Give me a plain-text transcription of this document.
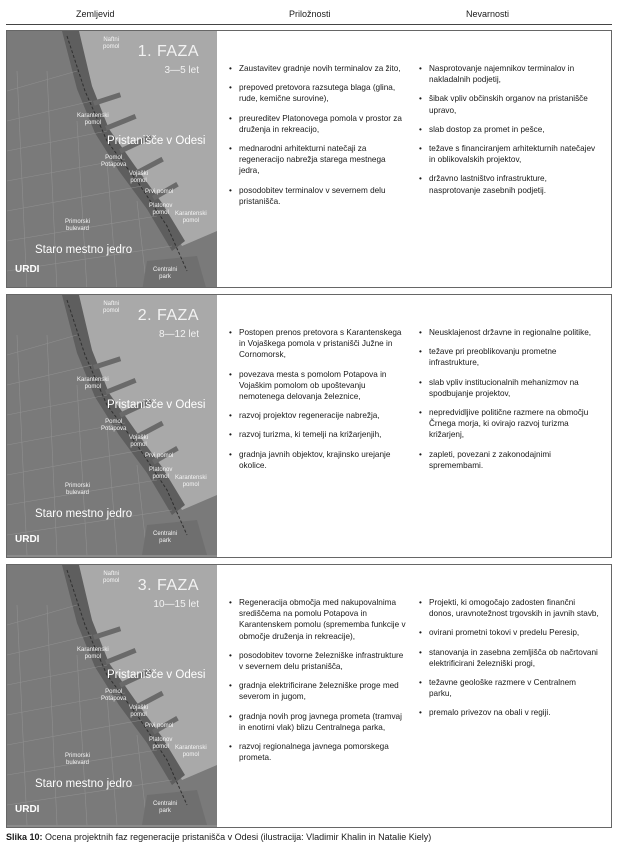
Zemljevid	Priložnosti	Nevarnosti
1. FAZA
3—5 let
Naftni
pomol
Karantenski
pomol
Pristanišče v Odesi
Pomol
Potapova
Vojaški
pomol
Prvi pomol
Platonov
pomol
Primorski
bulevard
Karantenski
pomol
Staro mestno jedro
Centralni
park
URDI
• Zaustavitev gradnje novih terminalov za žito,
• prepoved pretovora razsutega blaga (glina, rude, kemične surovine),
• preureditev Platonovega pomola v prostor za druženja in rekreacijo,
• mednarodni arhitekturni natečaji za regeneracijo nabrežja starega mestnega jedra,
• posodobitev terminalov v severnem delu pristanišča.
• Nasprotovanje najemnikov terminalov in nakladalnih podjetij,
• šibak vpliv občinskih organov na pristanišče upravo,
• slab dostop za promet in pešce,
• težave s financiranjem arhitekturnih natečajev in oblikovalskih projektov,
• državno lastništvo infrastrukture, nasprotovanje zasebnih podjetij.
2. FAZA
8—12 let
Naftni
pomol
Karantenski
pomol
Pristanišče v Odesi
Pomol
Potapova
Vojaški
pomol
Prvi pomol
Platonov
pomol
Primorski
bulevard
Karantenski
pomol
Staro mestno jedro
Centralni
park
URDI
• Postopen prenos pretovora s Karantenskega in Vojaškega pomola v pristanišči Južne in Cornomorsk,
• povezava mesta s pomolom Potapova in Vojaškim pomolom ob upoštevanju nemotenega delovanja železnice,
• razvoj projektov regeneracije nabrežja,
• razvoj turizma, ki temelji na križarjenjih,
• gradnja javnih objektov, krajinsko urejanje okolice.
• Neusklajenost državne in regionalne politike,
• težave pri preoblikovanju prometne infrastrukture,
• slab vpliv institucionalnih mehanizmov na spodbujanje projektov,
• nepredvidljive politične razmere na območju Črnega morja, ki ovirajo razvoj turizma križarjenj,
• zapleti, povezani z zakonodajnimi spremembami.
3. FAZA
10—15 let
Naftni
pomol
Karantenski
pomol
Pristanišče v Odesi
Pomol
Potapova
Vojaški
pomol
Prvi pomol
Platonov
pomol
Primorski
bulevard
Karantenski
pomol
Staro mestno jedro
Centralni
park
URDI
• Regeneracija območja med nakupovalnima središčema na pomolu Potapova in Karantenskem pomolu (sprememba funkcije v območje druženja in rekreacije),
• posodobitev tovorne železniške infrastrukture v severnem delu pristanišča,
• gradnja elektrificirane železniške proge med severom in jugom,
• gradnja novih prog javnega prometa (tramvaj in enotirni vlak) blizu Centralnega parka,
• razvoj regionalnega javnega pomorskega prometa.
• Projekti, ki omogočajo zadosten finančni donos, uravnotežnost trgovskih in javnih stavb,
• ovirani prometni tokovi v predelu Peresip,
• stanovanja in zasebna zemljišča ob načrtovani elektrificirani železniški progi,
• težavne geološke razmere v Centralnem parku,
• premalo privezov na obali v regiji.
Slika 10: Ocena projektnih faz regeneracije pristanišča v Odesi (ilustracija: Vladimir Khalin in Natalie Kiely)
